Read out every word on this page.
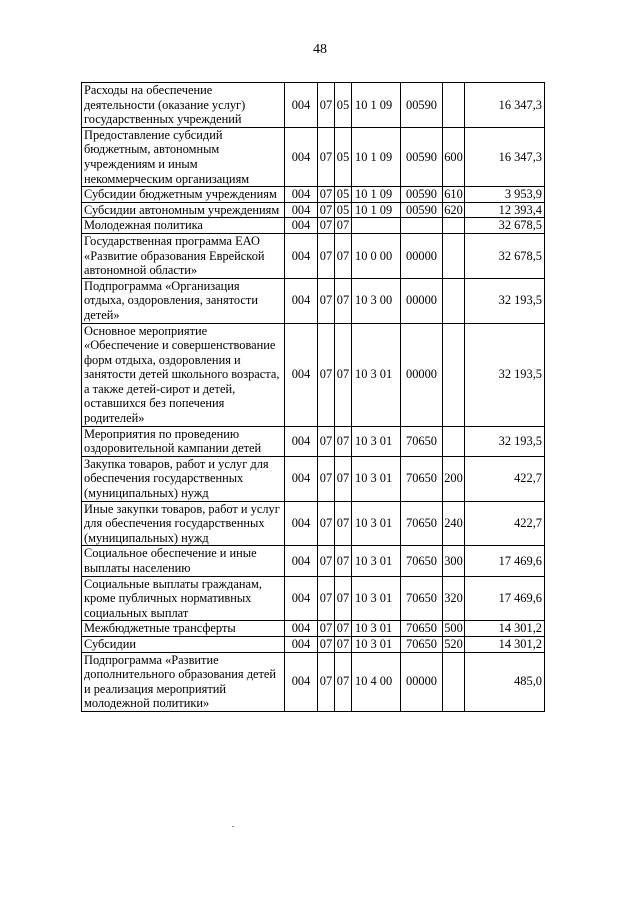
48
Расходы на обеспечение деятельности (оказание услуг) государственных учреждений	004	07	05	10 1 09	00590		16 347,3
Предоставление субсидий бюджетным, автономным учреждениям и иным некоммерческим организациям	004	07	05	10 1 09	00590	600	16 347,3
Субсидии бюджетным учреждениям	004	07	05	10 1 09	00590	610	3 953,9
Субсидии автономным учреждениям	004	07	05	10 1 09	00590	620	12 393,4
Молодежная политика	004	07	07				32 678,5
Государственная программа ЕАО «Развитие образования Еврейской автономной области»	004	07	07	10 0 00	00000		32 678,5
Подпрограмма «Организация отдыха, оздоровления, занятости детей»	004	07	07	10 3 00	00000		32 193,5
Основное мероприятие «Обеспечение и совершенствование форм отдыха, оздоровления и занятости детей школьного возраста, а также детей-сирот и детей, оставшихся без попечения родителей»	004	07	07	10 3 01	00000		32 193,5
Мероприятия по проведению оздоровительной кампании детей	004	07	07	10 3 01	70650		32 193,5
Закупка товаров, работ и услуг для обеспечения государственных (муниципальных) нужд	004	07	07	10 3 01	70650	200	422,7
Иные закупки товаров, работ и услуг для обеспечения государственных (муниципальных) нужд	004	07	07	10 3 01	70650	240	422,7
Социальное обеспечение и иные выплаты населению	004	07	07	10 3 01	70650	300	17 469,6
Социальные выплаты гражданам, кроме публичных нормативных социальных выплат	004	07	07	10 3 01	70650	320	17 469,6
Межбюджетные трансферты	004	07	07	10 3 01	70650	500	14 301,2
Субсидии	004	07	07	10 3 01	70650	520	14 301,2
Подпрограмма «Развитие дополнительного образования детей и реализация мероприятий молодежной политики»	004	07	07	10 4 00	00000		485,0
